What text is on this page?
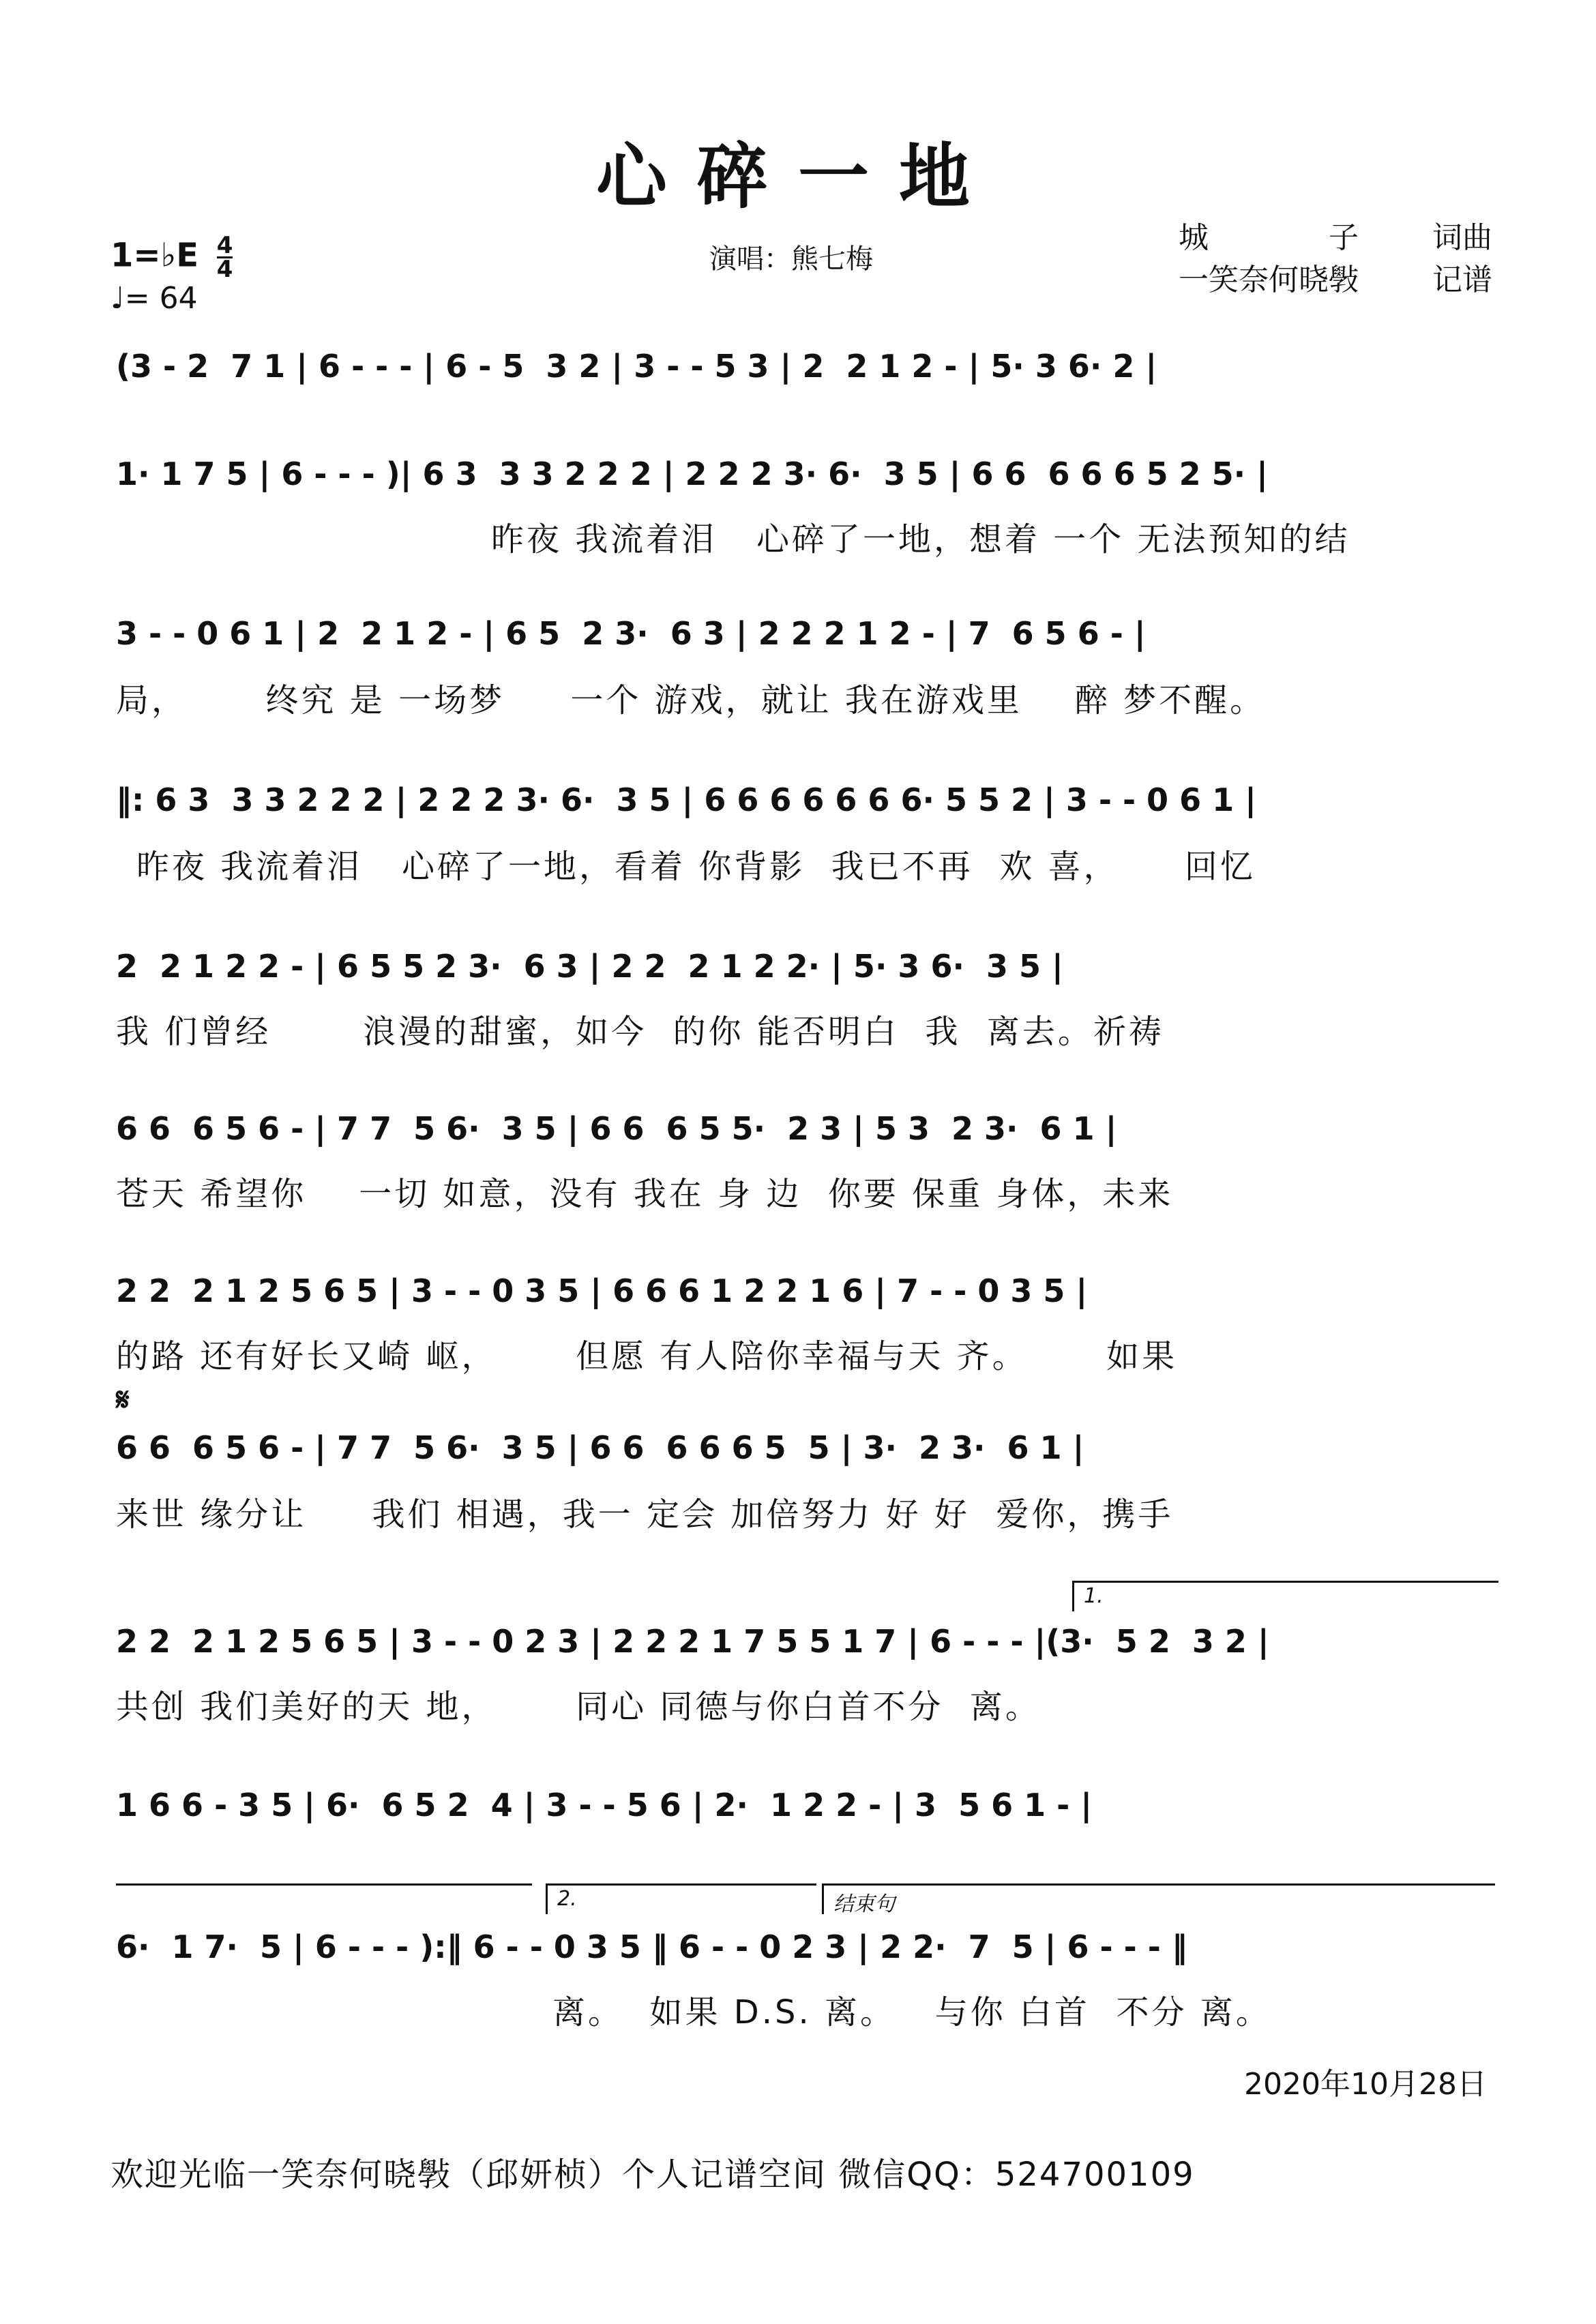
心碎一地
1=♭E $\frac{4}{4}$
♩= 64
演唱：熊七梅
城　　　　子 词曲
一笑奈何晓斅 记谱
(3 - 2  7 1 | 6 - - - | 6 - 5  3 2 | 3 - - 5 3 | 2  2 1 2 - | 5· 3 6· 2 |
1· 1 7 5 | 6 - - - )| 6 3  3 3 2 2 2 | 2 2 2 3· 6·  3 5 | 6 6  6 6 6 5 2 5· |
昨夜 我流着泪   心碎了一地，想着 一个 无法预知的结
3 - - 0 6 1 | 2  2 1 2 - | 6 5  2 3·  6 3 | 2 2 2 1 2 - | 7  6 5 6 - |
局，      终究 是 一场梦     一个 游戏，就让 我在游戏里    醉 梦不醒。
‖: 6 3  3 3 2 2 2 | 2 2 2 3· 6·  3 5 | 6 6 6 6 6 6 6· 5 5 2 | 3 - - 0 6 1 |
昨夜 我流着泪   心碎了一地，看着 你背影  我已不再  欢 喜，     回忆
2  2 1 2 2 - | 6 5 5 2 3·  6 3 | 2 2  2 1 2 2· | 5· 3 6·  3 5 |
我 们曾经       浪漫的甜蜜，如今  的你 能否明白  我  离去。祈祷
6 6  6 5 6 - | 7 7  5 6·  3 5 | 6 6  6 5 5·  2 3 | 5 3  2 3·  6 1 |
苍天 希望你    一切 如意，没有 我在 身 边  你要 保重 身体，未来
2 2  2 1 2 5 6 5 | 3 - - 0 3 5 | 6 6 6 1 2 2 1 6 | 7 - - 0 3 5 |
的路 还有好长又崎 岖，      但愿 有人陪你幸福与天 齐。      如果
𝄋
6 6  6 5 6 - | 7 7  5 6·  3 5 | 6 6  6 6 6 5  5 | 3·  2 3·  6 1 |
来世 缘分让     我们 相遇，我一 定会 加倍努力 好 好  爱你，携手
1.
2 2  2 1 2 5 6 5 | 3 - - 0 2 3 | 2 2 2 1 7 5 5 1 7 | 6 - - - |(3·  5 2  3 2 |
共创 我们美好的天 地，      同心 同德与你白首不分  离。
1 6 6 - 3 5 | 6·  6 5 2  4 | 3 - - 5 6 | 2·  1 2 2 - | 3  5 6 1 - |
2.	结束句
6·  1 7·  5 | 6 - - - ):‖ 6 - - 0 3 5 ‖ 6 - - 0 2 3 | 2 2·  7  5 | 6 - - - ‖
离。  如果 D.S. 离。   与你 白首  不分 离。
2020年10月28日
欢迎光临一笑奈何晓斅（邱妍桢）个人记谱空间 微信QQ：524700109
